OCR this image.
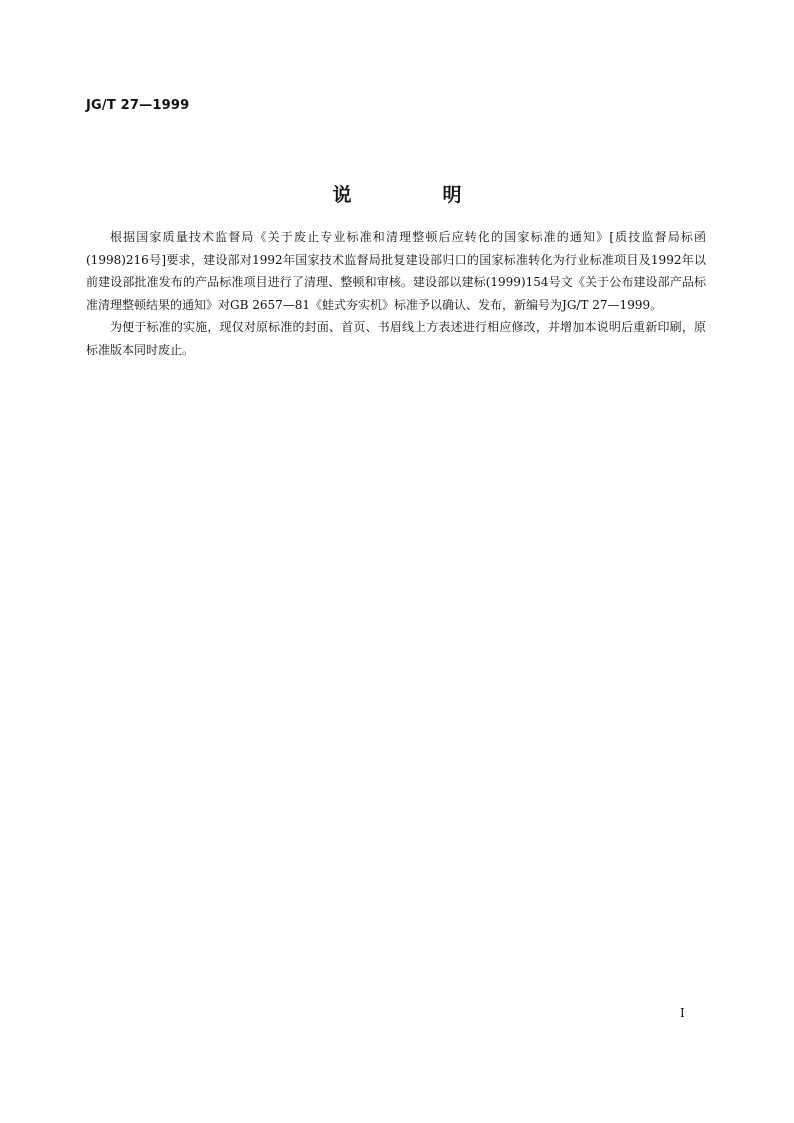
JG/T 27—1999
说　明

根据国家质量技术监督局《关于废止专业标准和清理整顿后应转化的国家标准的通知》[质技监督局标函(1998)216号]要求，建设部对1992年国家技术监督局批复建设部归口的国家标准转化为行业标准项目及1992年以前建设部批准发布的产品标准项目进行了清理、整顿和审核。建设部以建标(1999)154号文《关于公布建设部产品标准清理整顿结果的通知》对GB 2657—81《蛙式夯实机》标准予以确认、发布，新编号为JG/T 27—1999。

为便于标准的实施，现仅对原标准的封面、首页、书眉线上方表述进行相应修改，并增加本说明后重新印刷，原标准版本同时废止。

I
